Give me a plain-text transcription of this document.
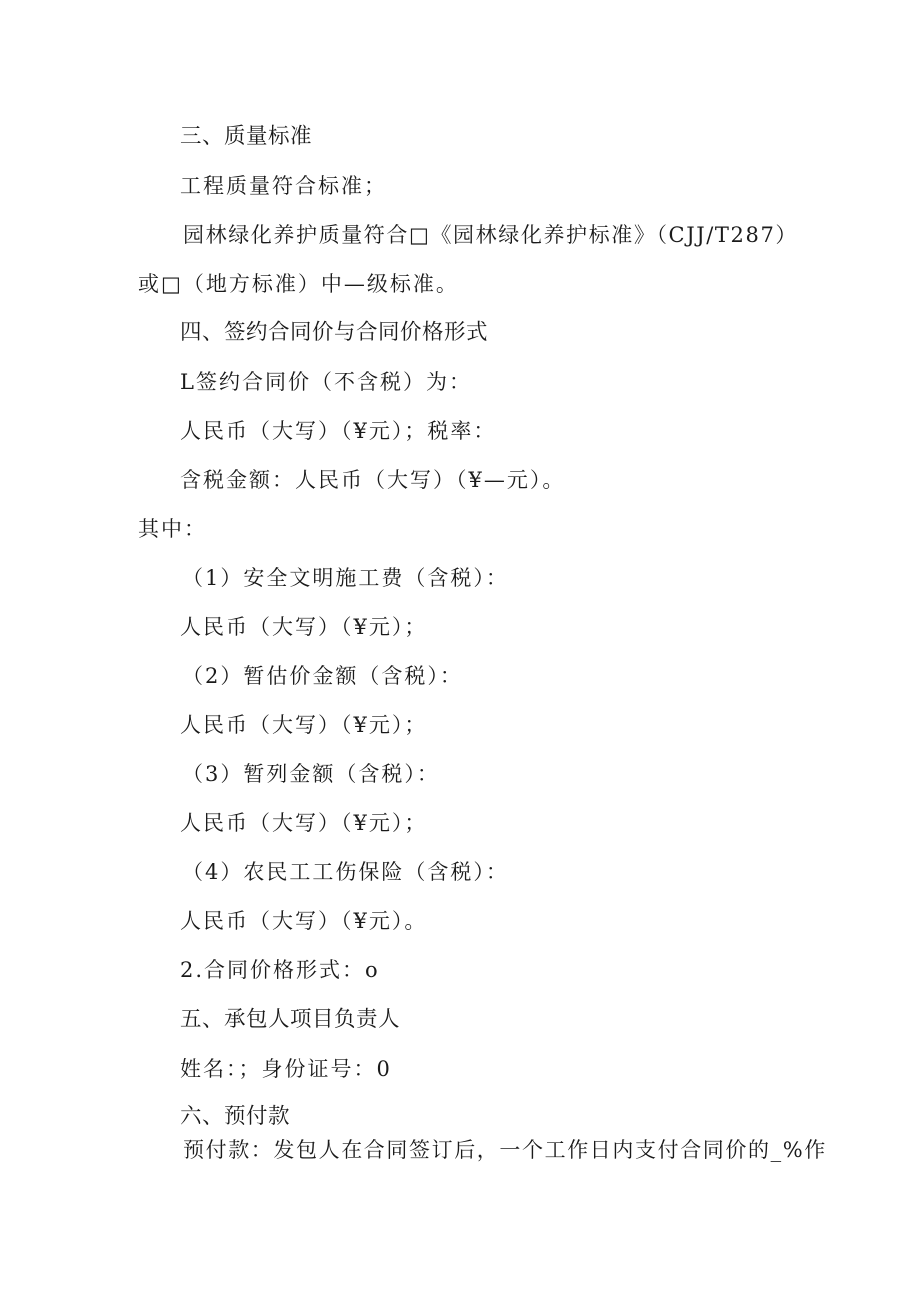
三、质量标准
工程质量符合标准；
园林绿化养护质量符合□《园林绿化养护标准》（CJJ/T287）
或□（地方标准）中—级标准。
四、签约合同价与合同价格形式
L签约合同价（不含税）为：
人民币（大写）（¥元）；税率：
含税金额：人民币（大写）（¥—元）。
其中：
（1）安全文明施工费（含税）：
人民币（大写）（¥元）；
（2）暂估价金额（含税）：
人民币（大写）（¥元）；
（3）暂列金额（含税）：
人民币（大写）（¥元）；
（4）农民工工伤保险（含税）：
人民币（大写）（¥元）。
2.合同价格形式：o
五、承包人项目负责人
姓名：；身份证号：0
六、预付款
预付款：发包人在合同签订后，一个工作日内支付合同价的_%作
